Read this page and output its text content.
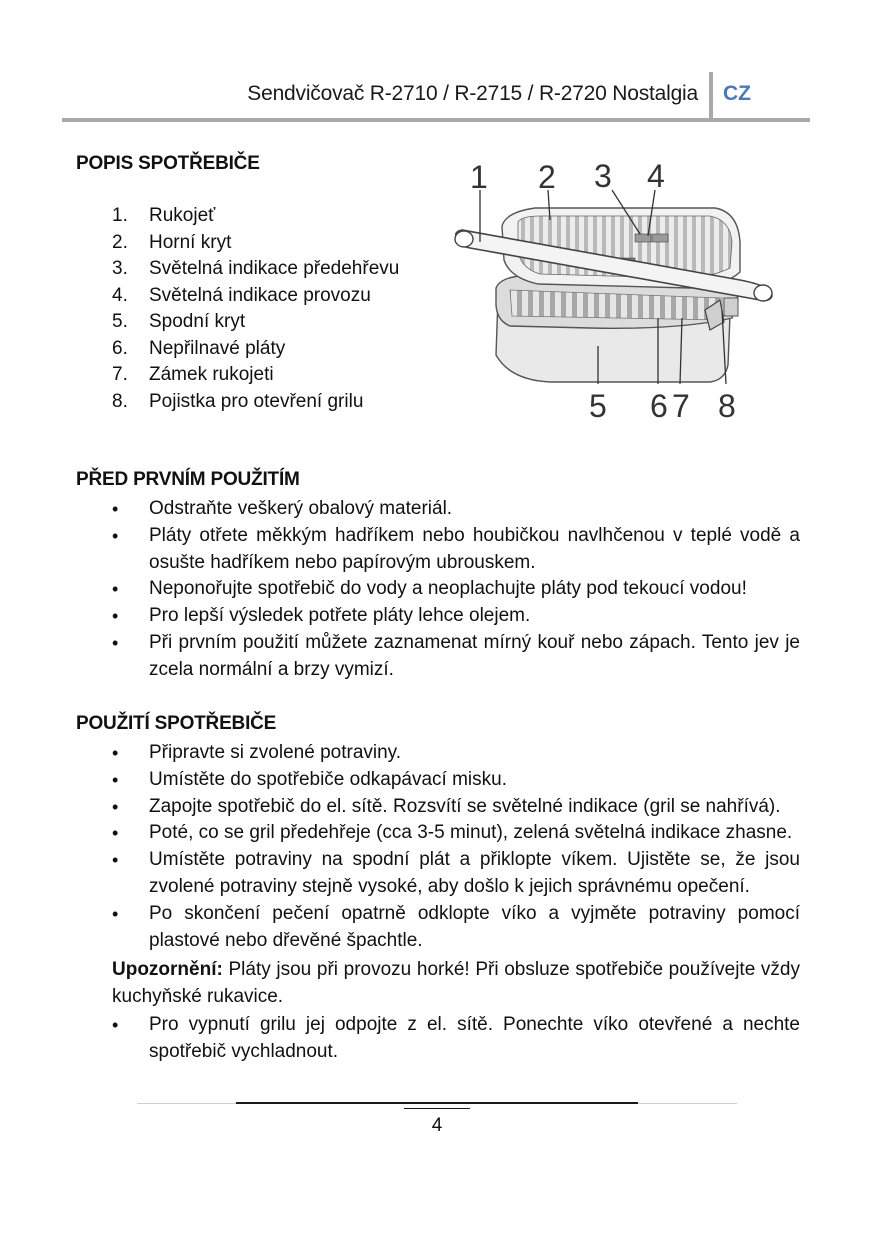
Sendvičovač R-2710 / R-2715 / R-2720 Nostalgia CZ
POPIS SPOTŘEBIČE
1.	Rukojeť
2.	Horní kryt
3.	Světelná indikace předehřevu
4.	Světelná indikace provozu
5.	Spodní kryt
6.	Nepřilnavé pláty
7.	Zámek rukojeti
8.	Pojistka pro otevření grilu
1 2 3 4
5 6 7 8
PŘED PRVNÍM POUŽITÍM
• Odstraňte veškerý obalový materiál.
• Pláty otřete měkkým hadříkem nebo houbičkou navlhčenou v teplé vodě a osušte hadříkem nebo papírovým ubrouskem.
• Neponořujte spotřebič do vody a neoplachujte pláty pod tekoucí vodou!
• Pro lepší výsledek potřete pláty lehce olejem.
• Při prvním použití můžete zaznamenat mírný kouř nebo zápach. Tento jev je zcela normální a brzy vymizí.
POUŽITÍ SPOTŘEBIČE
• Připravte si zvolené potraviny.
• Umístěte do spotřebiče odkapávací misku.
• Zapojte spotřebič do el. sítě. Rozsvítí se světelné indikace (gril se nahřívá).
• Poté, co se gril předehřeje (cca 3-5 minut), zelená světelná indikace zhasne.
• Umístěte potraviny na spodní plát a přiklopte víkem. Ujistěte se, že jsou zvolené potraviny stejně vysoké, aby došlo k jejich správnému opečení.
• Po skončení pečení opatrně odklopte víko a vyjměte potraviny pomocí plastové nebo dřevěné špachtle.

Upozornění: Pláty jsou při provozu horké! Při obsluze spotřebiče používejte vždy kuchyňské rukavice.

• Pro vypnutí grilu jej odpojte z el. sítě. Ponechte víko otevřené a nechte spotřebič vychladnout.
4
